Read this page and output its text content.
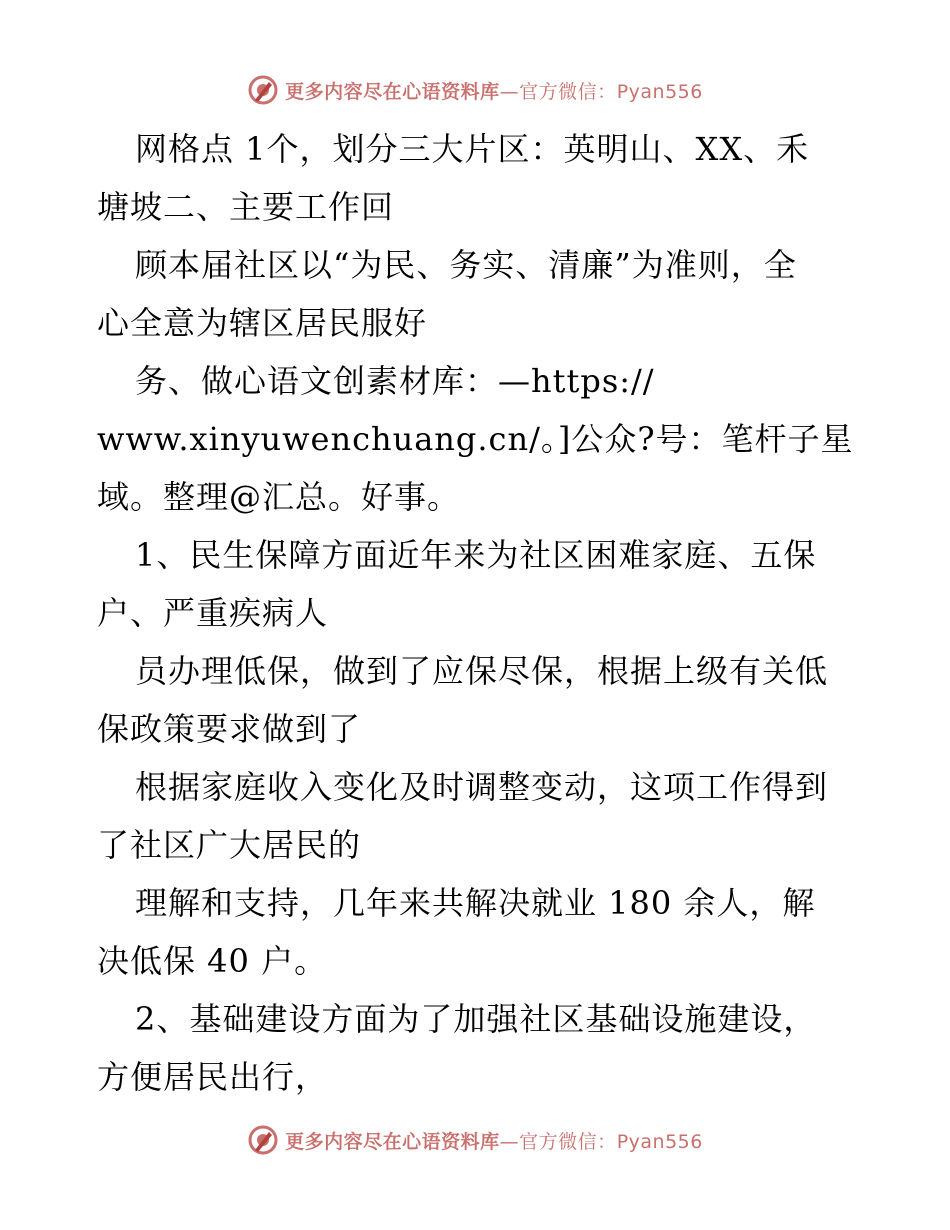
更多内容尽在心语资料库—官方微信：Pyan556
网格点 1个，划分三大片区：英明山、XX、禾
塘坡二、主要工作回
顾本届社区以“为民、务实、清廉”为准则，全
心全意为辖区居民服好
务、做心语文创素材库：—https://
www.xinyuwenchuang.cn/。]公众?号：笔杆子星
域。整理@汇总。好事。
1、民生保障方面近年来为社区困难家庭、五保
户、严重疾病人
员办理低保，做到了应保尽保，根据上级有关低
保政策要求做到了
根据家庭收入变化及时调整变动，这项工作得到
了社区广大居民的
理解和支持，几年来共解决就业 180 余人，解
决低保 40 户。
2、基础建设方面为了加强社区基础设施建设，
方便居民出行，
更多内容尽在心语资料库—官方微信：Pyan556
